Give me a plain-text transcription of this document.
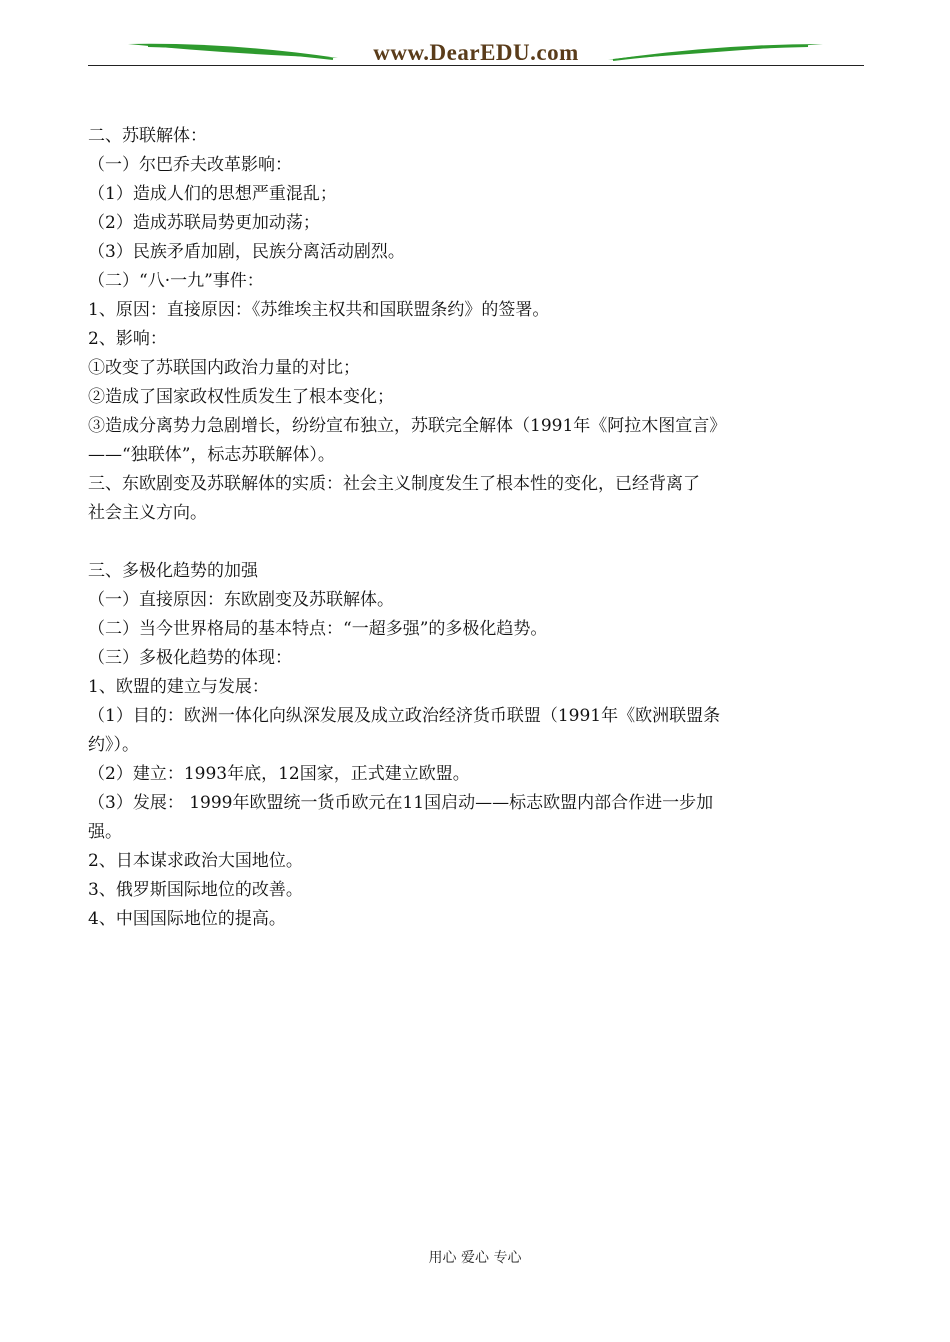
www.DearEDU.com
二、苏联解体：
（一）尔巴乔夫改革影响：
（1）造成人们的思想严重混乱；
（2）造成苏联局势更加动荡；
（3）民族矛盾加剧，民族分离活动剧烈。
（二）“八·一九”事件：
1、原因：直接原因：《苏维埃主权共和国联盟条约》的签署。
2、影响：
①改变了苏联国内政治力量的对比；
②造成了国家政权性质发生了根本变化；
③造成分离势力急剧增长，纷纷宣布独立，苏联完全解体（1991年《阿拉木图宣言》
——“独联体”，标志苏联解体）。
三、东欧剧变及苏联解体的实质：社会主义制度发生了根本性的变化，已经背离了
社会主义方向。
三、多极化趋势的加强
（一）直接原因：东欧剧变及苏联解体。
（二）当今世界格局的基本特点：“一超多强”的多极化趋势。
（三）多极化趋势的体现：
1、欧盟的建立与发展：
（1）目的：欧洲一体化向纵深发展及成立政治经济货币联盟（1991年《欧洲联盟条
约》）。
（2）建立：1993年底，12国家，正式建立欧盟。
（3）发展： 1999年欧盟统一货币欧元在11国启动——标志欧盟内部合作进一步加
强。
2、日本谋求政治大国地位。
3、俄罗斯国际地位的改善。
4、中国国际地位的提高。
用心 爱心 专心
